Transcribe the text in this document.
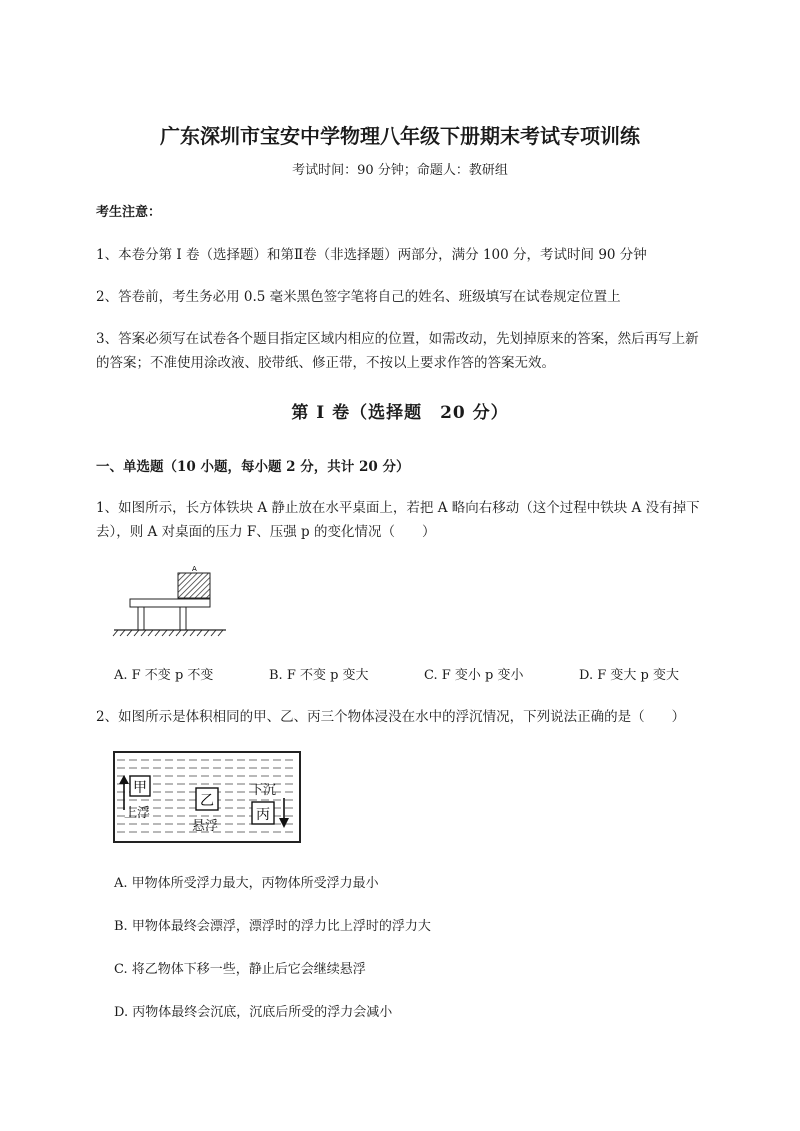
广东深圳市宝安中学物理八年级下册期末考试专项训练
考试时间：90 分钟；命题人：教研组
考生注意：
1、本卷分第 I 卷（选择题）和第Ⅱ卷（非选择题）两部分，满分 100 分，考试时间 90 分钟
2、答卷前，考生务必用 0.5 毫米黑色签字笔将自己的姓名、班级填写在试卷规定位置上
3、答案必须写在试卷各个题目指定区域内相应的位置，如需改动，先划掉原来的答案，然后再写上新
的答案；不准使用涂改液、胶带纸、修正带，不按以上要求作答的答案无效。
第 I 卷（选择题　20 分）
一、单选题（10 小题，每小题 2 分，共计 20 分）
1、如图所示，长方体铁块 A 静止放在水平桌面上，若把 A 略向右移动（这个过程中铁块 A 没有掉下
去），则 A 对桌面的压力 F、压强 p 的变化情况（　　）
A
A. F 不变 p 不变	B. F 不变 p 变大	C. F 变小 p 变小	D. F 变大 p 变大
2、如图所示是体积相同的甲、乙、丙三个物体浸没在水中的浮沉情况，下列说法正确的是（　　）
甲
上浮
乙
悬浮
下沉
丙
A. 甲物体所受浮力最大，丙物体所受浮力最小
B. 甲物体最终会漂浮，漂浮时的浮力比上浮时的浮力大
C. 将乙物体下移一些，静止后它会继续悬浮
D. 丙物体最终会沉底，沉底后所受的浮力会减小
